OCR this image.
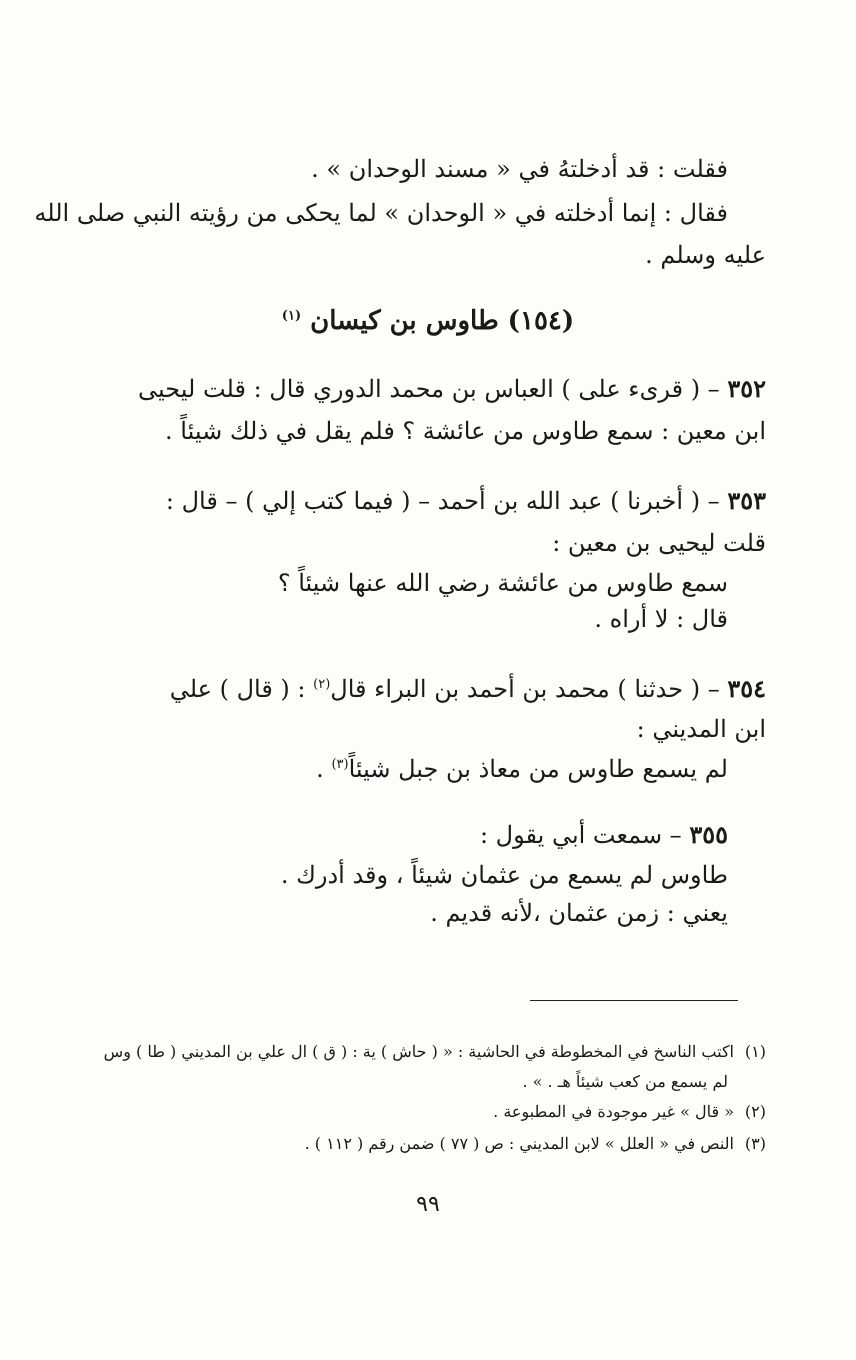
فقلت : قد أدخلتهُ في « مسند الوحدان » .
فقال : إنما أدخلته في « الوحدان » لما يحكى من رؤيته النبي صلى الله
عليه وسلم .
(١٥٤) طاوس بن كيسان $^{(١)}$
٣٥٢ – ( قرىء على ) العباس بن محمد الدوري قال : قلت ليحيى
ابن معين : سمع طاوس من عائشة ؟ فلم يقل في ذلك شيئاً .
٣٥٣ – ( أخبرنا ) عبد الله بن أحمد – ( فيما كتب إلي ) – قال :
قلت ليحيى بن معين :
سمع طاوس من عائشة رضي الله عنها شيئاً ؟
قال : لا أراه .
٣٥٤ – ( حدثنا ) محمد بن أحمد بن البراء قال$^{(٢)}$ : ( قال ) علي
ابن المديني :
لم يسمع طاوس من معاذ بن جبل شيئاً$^{(٣)}$ .
٣٥٥ – سمعت أبي يقول :
طاوس لم يسمع من عثمان شيئاً ، وقد أدرك .
يعني : زمن عثمان ،لأنه قديم .
(١)اكتب الناسخ في المخطوطة في الحاشية : « ( حاش ) ية : ( ق ) ال علي بن المديني ( طا ) وس
لم يسمع من كعب شيئاً هـ . » .
(٢)« قال » غير موجودة في المطبوعة .
(٣)النص في « العلل » لابن المديني : ص ( ٧٧ ) ضمن رقم ( ١١٢ ) .
٩٩
